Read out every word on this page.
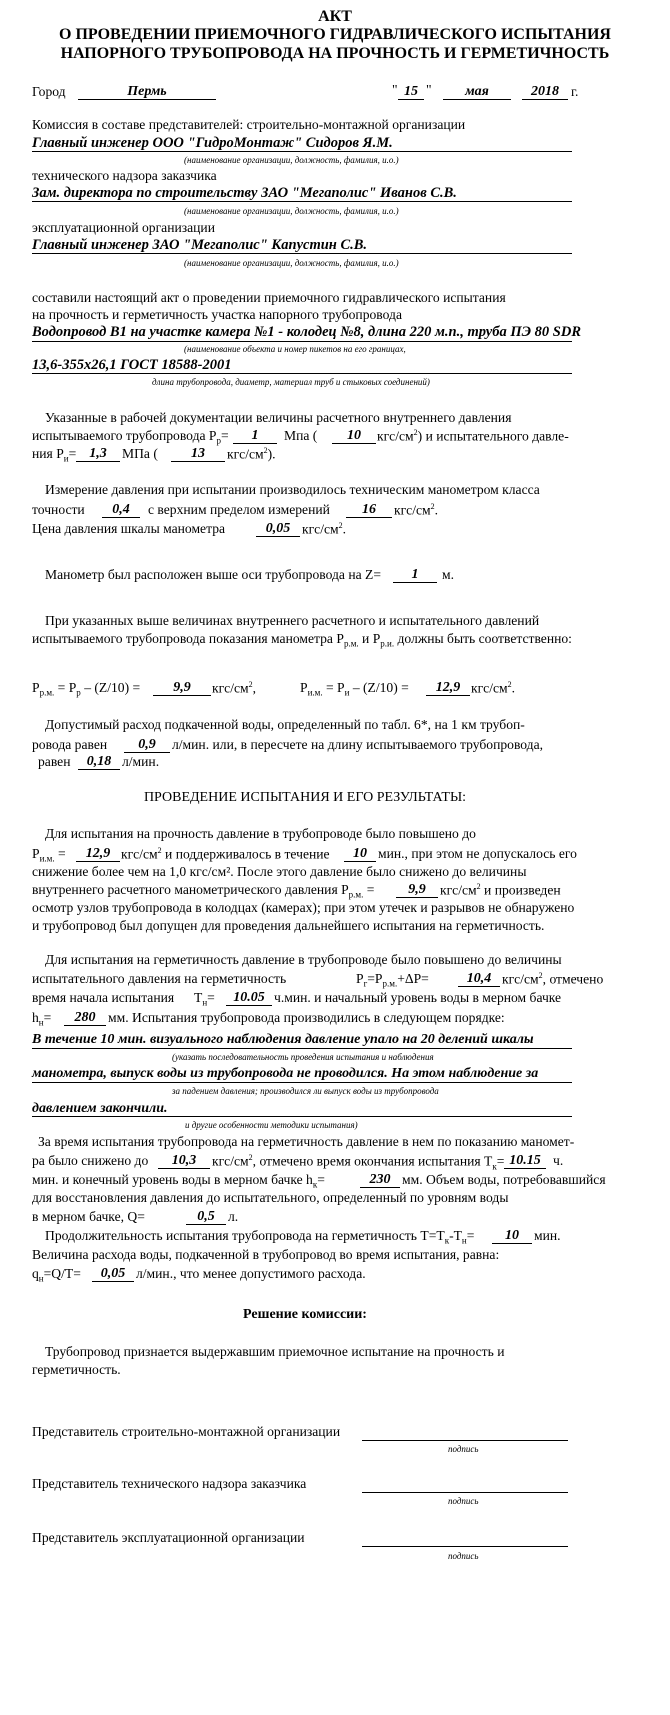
АКТ
О ПРОВЕДЕНИИ ПРИЕМОЧНОГО ГИДРАВЛИЧЕСКОГО ИСПЫТАНИЯ
НАПОРНОГО ТРУБОПРОВОДА НА ПРОЧНОСТЬ И ГЕРМЕТИЧНОСТЬ
Город	Пермь	" 15 "	мая	2018 г.
Комиссия в составе представителей: строительно-монтажной организации
Главный инженер ООО "ГидроМонтаж" Сидоров Я.М.
(наименование организации, должность, фамилия, и.о.)
технического надзора заказчика
Зам. директора по строительству ЗАО "Мегаполис" Иванов С.В.
(наименование организации, должность, фамилия, и.о.)
эксплуатационной организации
Главный инженер ЗАО "Мегаполис" Капустин С.В.
(наименование организации, должность, фамилия, и.о.)
составили настоящий акт о проведении приемочного гидравлического испытания
на прочность и герметичность участка напорного трубопровода
Водопровод В1 на участке камера №1 - колодец №8, длина 220 м.п., труба ПЭ 80 SDR
(наименование объекта и номер пикетов на его границах,
13,6-355х26,1 ГОСТ 18588-2001
длина трубопровода, диаметр, материал труб и стыковых соединений)
Указанные в рабочей документации величины расчетного внутреннего давления
испытываемого трубопровода $P_р=$	1	Мпа (	10	кгс/$см^2$) и испытательного давле-
ния $P_и= 1,3$	МПа (	13	кгс/$см^2$).
Измерение давления при испытании производилось техническим манометром класса
точности	0,4	с верхним пределом измерений	16	кгс/$см^2$.
Цена давления шкалы манометра	0,05 кгс/$см^2$.
Манометр был расположен выше оси трубопровода на Z=	1	м.
При указанных выше величинах внутреннего расчетного и испытательного давлений
испытываемого трубопровода показания манометра $P_{р.м.}$ и $P_{р.и.}$ должны быть соответственно:
$P_{р.м.} = P_р - (Z/10)$ =	9,9	кгс/$см^2$,	$P_{и.м.} = P_и - (Z/10)$ =	12,9 кгс/$см^2$.
Допустимый расход подкаченной воды, определенный по табл. 6*, на 1 км трубоп-
ровода равен	0,9	л/мин. или, в пересчете на длину испытываемого трубопровода,
равен	0,18 л/мин.
ПРОВЕДЕНИЕ ИСПЫТАНИЯ И ЕГО РЕЗУЛЬТАТЫ:
Для испытания на прочность давление в трубопроводе было повышено до
$P_{и.м.}$ =	12,9 кгс/$см^2$ и поддерживалось в течение	10 мин., при этом не допускалось его
снижение более чем на 1,0 кгс/см². После этого давление было снижено до величины
внутреннего расчетного манометрического давления $P_{р.м.}$ =	9,9	кгс/$см^2$ и произведен
осмотр узлов трубопровода в колодцах (камерах); при этом утечек и разрывов не обнаружено
и трубопровод был допущен для проведения дальнейшего испытания на герметичность.
Для испытания на герметичность давление в трубопроводе было повышено до величины
испытательного давления на герметичность	$P_г=P_{р.м.}+\Delta P=$	10,4 кгс/$см^2$, отмечено
время начала испытания $T_н=$	10.05 ч.мин. и начальный уровень воды в мерном бачке
$h_н=$	280 мм. Испытания трубопровода производились в следующем порядке:
В течение 10 мин. визуального наблюдения давление упало на 20 делений шкалы
(указать последовательность проведения испытания и наблюдения
манометра, выпуск воды из трубопровода не проводился. На этом наблюдение за
за падением давления; производился ли выпуск воды из трубопровода
давлением закончили.
и другие особенности методики испытания)
За время испытания трубопровода на герметичность давление в нем по показанию маномет-
ра было снижено до	10,3	кгс/$см^2$, отмечено время окончания испытания $T_к= 10.15$ ч.
мин. и конечный уровень воды в мерном бачке $h_к=$	230 мм. Объем воды, потребовавшийся
для восстановления давления до испытательного, определенный по уровням воды
в мерном бачке, Q=	0,5 л.
Продолжительность испытания трубопровода на герметичность $T=T_к-T_н=$	10	мин.
Величина расхода воды, подкаченной в трубопровод во время испытания, равна:
$q_н=Q/T=$	0,05 л/мин., что менее допустимого расхода.
Решение комиссии:
Трубопровод признается выдержавшим приемочное испытание на прочность и
герметичность.
Представитель строительно-монтажной организации
подпись
Представитель технического надзора заказчика
подпись
Представитель эксплуатационной организации
подпись
